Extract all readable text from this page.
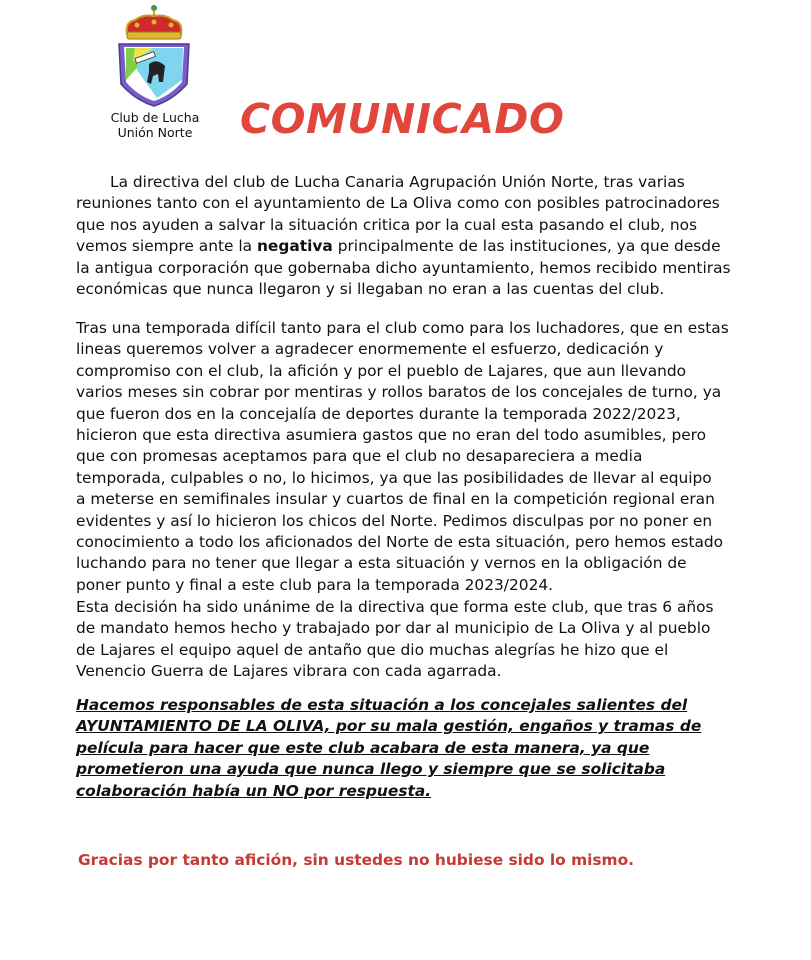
Club de Lucha
Unión Norte	COMUNICADO
La directiva del club de Lucha Canaria Agrupación Unión Norte, tras varias
reuniones tanto con el ayuntamiento de La Oliva como con posibles patrocinadores
que nos ayuden a salvar la situación critica por la cual esta pasando el club, nos
vemos siempre ante la negativa principalmente de las instituciones, ya que desde
la antigua corporación que gobernaba dicho ayuntamiento, hemos recibido mentiras
económicas que nunca llegaron y si llegaban no eran a las cuentas del club.
Tras una temporada difícil tanto para el club como para los luchadores, que en estas
lineas queremos volver a agradecer enormemente el esfuerzo, dedicación y
compromiso con el club, la afición y por el pueblo de Lajares, que aun llevando
varios meses sin cobrar por mentiras y rollos baratos de los concejales de turno, ya
que fueron dos en la concejalía de deportes durante la temporada 2022/2023,
hicieron que esta directiva asumiera gastos que no eran del todo asumibles, pero
que con promesas aceptamos para que el club no desapareciera a media
temporada, culpables o no, lo hicimos, ya que las posibilidades de llevar al equipo
a meterse en semifinales insular y cuartos de final en la competición regional eran
evidentes y así lo hicieron los chicos del Norte. Pedimos disculpas por no poner en
conocimiento a todo los aficionados del Norte de esta situación, pero hemos estado
luchando para no tener que llegar a esta situación y vernos en la obligación de
poner punto y final a este club para la temporada 2023/2024.
Esta decisión ha sido unánime de la directiva que forma este club, que tras 6 años
de mandato hemos hecho y trabajado por dar al municipio de La Oliva y al pueblo
de Lajares el equipo aquel de antaño que dio muchas alegrías he hizo que el
Venencio Guerra de Lajares vibrara con cada agarrada.
Hacemos responsables de esta situación a los concejales salientes del
AYUNTAMIENTO DE LA OLIVA, por su mala gestión, engaños y tramas de
película para hacer que este club acabara de esta manera, ya que
prometieron una ayuda que nunca llego y siempre que se solicitaba
colaboración había un NO por respuesta.
Gracias por tanto afición, sin ustedes no hubiese sido lo mismo.
